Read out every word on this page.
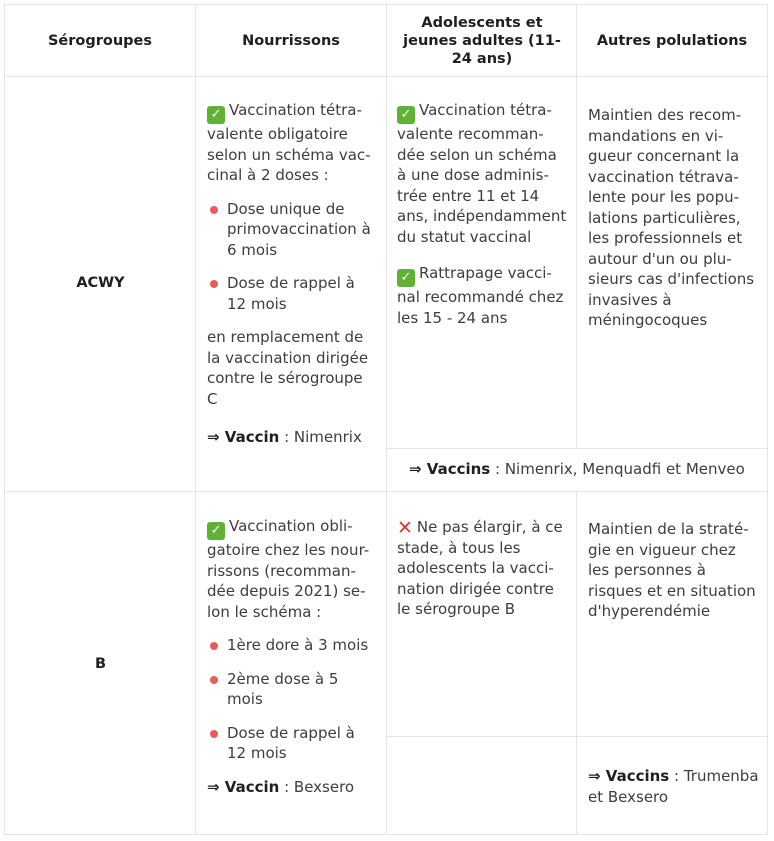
Sérogroupes	Nourrissons
Adolescents et jeunes adultes (11-24 ans)
Autres polulations
ACWY
✓ Vaccination tétra-valente obligatoire selon un schéma vac-cinal à 2 doses :
Dose unique de primovaccination à 6 mois
Dose de rappel à 12 mois
en remplacement de la vaccination dirigée contre le sérogroupe C
⇒ Vaccin : Nimenrix
✓ Vaccination tétra-valente recomman-dée selon un schéma à une dose adminis-trée entre 11 et 14 ans, indépendamment du statut vaccinal
✓ Rattrapage vacci-nal recommandé chez les 15 - 24 ans
Maintien des recom-mandations en vi-gueur concernant la vaccination tétrava-lente pour les popu-lations particulières, les professionnels et autour d'un ou plu-sieurs cas d'infections invasives à méningocoques
⇒ Vaccins : Nimenrix, Menquadfi et Menveo
B
✓ Vaccination obli-gatoire chez les nour-rissons (recomman-dée depuis 2021) se-lon le schéma :
1ère dore à 3 mois
2ème dose à 5 mois
Dose de rappel à 12 mois
⇒ Vaccin : Bexsero
✕ Ne pas élargir, à ce stade, à tous les adolescents la vacci-nation dirigée contre le sérogroupe B
Maintien de la straté-gie en vigueur chez les personnes à risques et en situation d'hyperendémie
⇒ Vaccins : Trumenba et Bexsero
